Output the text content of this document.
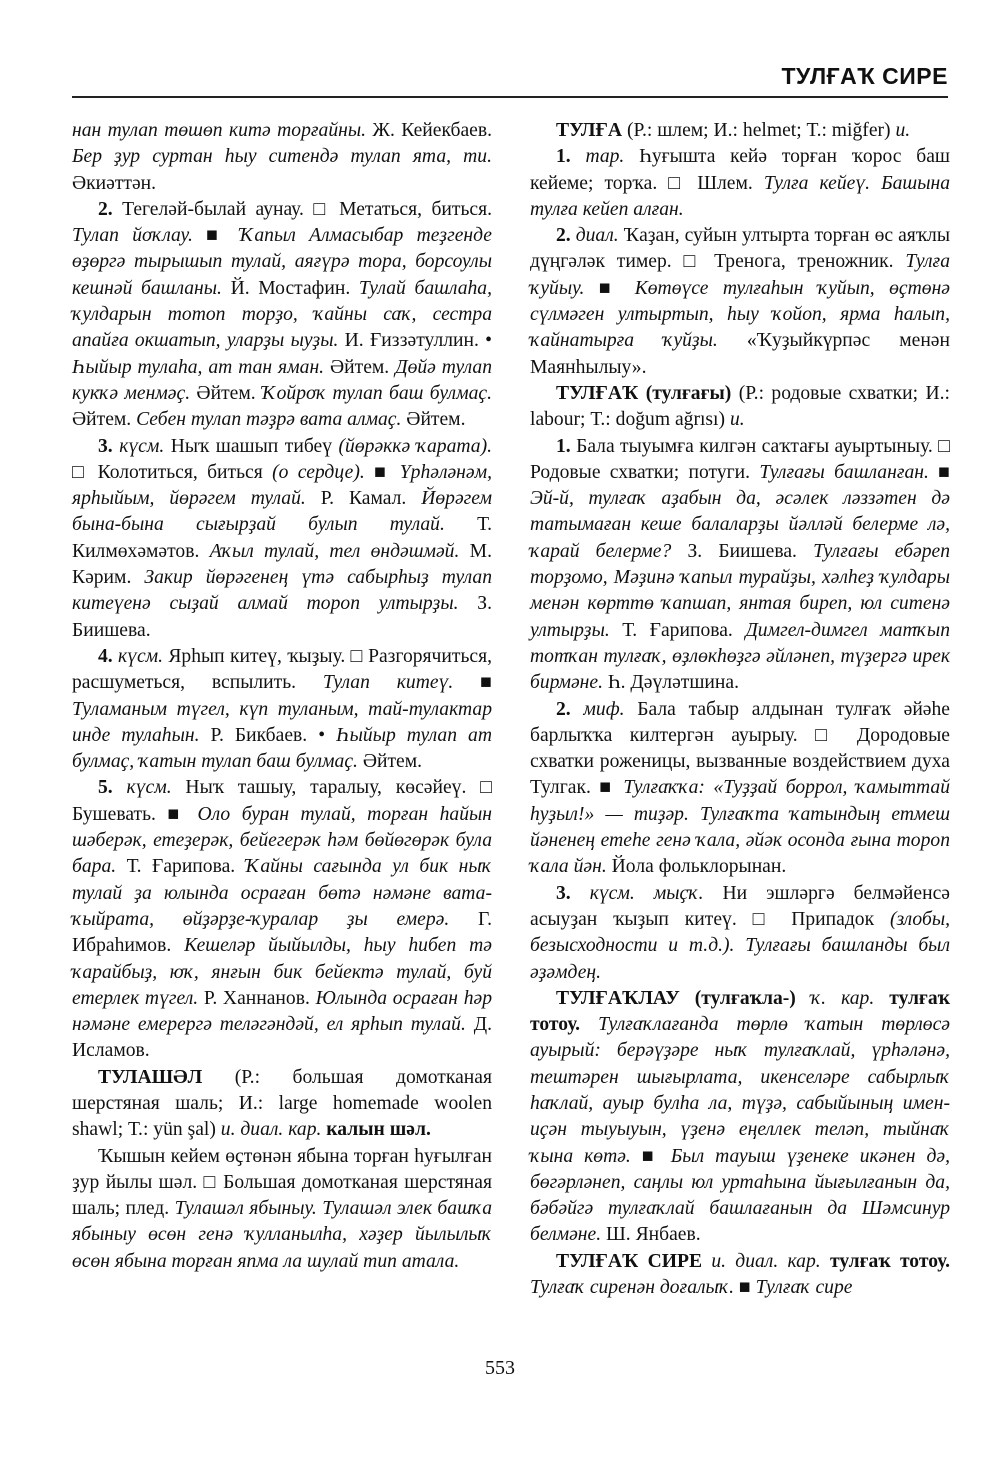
ТУЛҒАҠ СИРЕ

нан тулап төшөп китә торғайны. Ж. Кейекбаев. Бер ҙур суртан һыу ситендә тулап ята, ти. Әкиәттән.

2. Тегеләй-былай аунау. □ Метаться, биться. Тулап йоҡлау. ■ Ҡапыл Алмасыбар теҙгенде өҙөргә тырышып тулай, аяғүрә тора, борсоулы кешнәй башланы. Й. Мостафин. Тулай башлаһа, ҡулдарын тотоп торҙо, ҡайны саҡ, сестра апайға окшатып, уларҙы ыуҙы. И. Ғиззәтуллин. • Һыйыр тулаһа, ат тан яман. Әйтем. Дөйә тулап кукҡә менмәҫ. Әйтем. Ҡойроҡ тулап баш булмаҫ. Әйтем. Себен тулап тәҙрә вата алмаҫ. Әйтем.

3. күсм. Ныҡ шашып тибеү (йөрәккә ҡарата). □ Колотиться, биться (о сердце). ■ Үрһәләнәм, ярһыйым, йөрәгем тулай. Р. Камал. Йөрәгем бына-бына сығырҙай булып тулай. Т. Килмөхәмәтов. Аҡыл тулай, тел өндәшмәй. М. Кәрим. Закир йөрәгенең үтә сабырһыҙ тулап китеүенә сыҙай алмай тороп ултырҙы. З. Биишева.

4. күсм. Ярһып китеү, ҡыҙыу. □ Разгорячиться, расшуметься, вспылить. Тулап китеү. ■ Туламаным түгел, күп туланым, тай-тулактар инде тулаһын. Р. Бикбаев. • Һыйыр тулап ат булмаҫ, ҡатын тулап баш булмаҫ. Әйтем.

5. күсм. Ныҡ ташыу, таралыу, көсәйеү. □ Бушевать. ■ Оло буран тулай, торған һайын шәберәк, етеҙерәк, бейегерәк һәм бөйөгөрәк була бара. Т. Ғарипова. Ҡайны сағында ул бик ныҡ тулай ҙа юлында осраған бөтә нәмәне вата-ҡыйрата, өйҙәрҙе-ҡуралар ҙы емерә. Г. Ибраһимов. Кешеләр йыйылды, һыу һибеп тә ҡарайбыҙ, юҡ, янғын бик бейектә тулай, буй етерлек түгел. Р. Ханнанов. Юлында осраған һәр нәмәне емерергә теләгәндәй, ел ярһып тулай. Д. Исламов.

ТУЛАШӘЛ (Р.: большая домотканая шерстяная шаль; И.: large homemade woolen shawl; Т.: yün şal) и. диал. кар. калын шәл.

Ҡышын кейем өҫтөнән ябына торған һуғылған ҙур йылы шәл. □ Большая домотканая шерстяная шаль; плед. Тулашәл ябыныу. Тулашәл элек башҡа ябыныу өсөн генә ҡулланылһа, хәҙер йылылыҡ өсөн ябына торған япма ла шулай тип атала.

ТУЛҒА (Р.: шлем; И.: helmet; Т.: miğfer) и.

1. тар. Һуғышта кейә торған ҡорос баш кейеме; торҡа. □ Шлем. Тулға кейеү. Башына тулға кейеп алған.

2. диал. Ҡаҙан, суйын ултырта торған өс аяҡлы дүңгәләк тимер. □ Тренога, треножник. Тулға ҡуйыу. ■ Көтөүсе тулғаһын ҡуйып, өҫтөнә сүлмәген ултыртып, һыу ҡойоп, ярма һалып, ҡайнатырға ҡуйҙы. «Ҡуҙыйкүрпәс менән Маянһылыу».

ТУЛҒАҠ (тулғағы) (Р.: родовые схватки; И.: labour; Т.: doğum ağrısı) и.

1. Бала тыуымға килгән саҡтағы ауыртыныу. □ Родовые схватки; потуги. Тулғағы башланған. ■ Эй-й, тулғаҡ аҙабын да, әсәлек ләззәтен дә татымаған кеше балаларҙы йәлләй белерме лә, ҡарай белерме? З. Биишева. Тулғағы ебәреп торҙомо, Мәҙинә ҡапыл турайҙы, хәлһеҙ ҡулдары менән көрттө ҡапшап, янтая биреп, юл ситенә ултырҙы. Т. Ғарипова. Димгел-димгел матҡып тотҡан тулғаҡ, өҙлөкһөҙгә әйләнеп, түҙергә ирек бирмәне. Һ. Дәүләтшина.

2. миф. Бала табыр алдынан тулғаҡ әйәһе барлыҡҡа килтергән ауырыу. □ Дородовые схватки роженицы, вызванные воздействием духа Тулгак. ■ Тулғаҡҡа: «Туҙҙай боррол, ҡамыттай һуҙыл!» — тиҙәр. Тулғаҡта ҡатындың етмеш йәненең етеһе генә ҡала, әйәк осонда ғына тороп ҡала йән. Йола фольклорынан.

3. күсм. мыҫҡ. Ни эшләргә белмәйенсә асыуҙан ҡыҙып китеү. □ Припадок (злобы, безысходности и т.д.). Тулғағы башланды был әҙәмдең.

ТУЛҒАҠЛАУ (тулғаҡла-) ҡ. кар. тулғаҡ тотоу. Тулғаҡлағанда төрлө ҡатын төрлөсә ауырый: берәүҙәре ныҡ тулғаҡлай, үрһәләнә, тештәрен шығырлата, икенселәре сабырлыҡ һаҡлай, ауыр булһа ла, түҙә, сабыйының имен-иҫән тыуыуын, үҙенә еңеллек теләп, тыйнаҡ ҡына көтә. ■ Был тауыш үҙенеке икәнен дә, бөгәрләнеп, саңлы юл уртаһына йығылғанын да, бәбәйгә тулғаҡлай башлағанын да Шәмсинур белмәне. Ш. Янбаев.

ТУЛҒАҠ СИРЕ и. диал. кар. тулғаҡ тотоу. Тулғаҡ сиренән доғалыҡ. ■ Тулғаҡ сире

553
